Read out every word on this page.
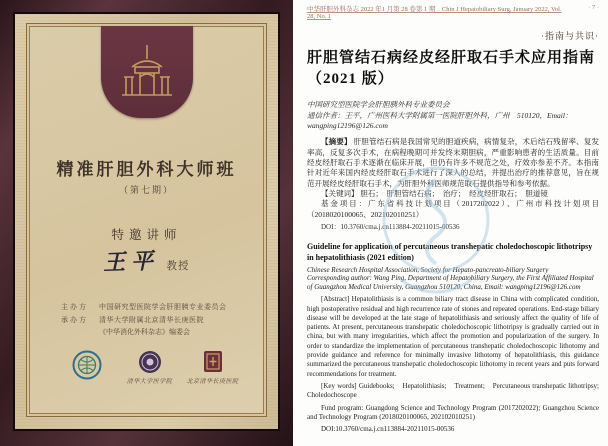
精准肝胆外科大师班
（第七期）
特邀讲师
王平 教授
主办方	中国研究型医院学会肝胆胰专业委员会
承办方	清华大学附属北京清华长庚医院
《中华消化外科杂志》编委会
清华大学医学院 北京清华长庚医院
中华肝胆外科杂志 2022 年1 月第 28 卷第 1 期　Chin J Hepatobiliary Surg, January 2022, Vol. 28, No. 1
· 7 ·
·指南与共识·
肝胆管结石病经皮经肝取石手术应用指南（2021 版）
中国研究型医院学会肝胆胰外科专业委员会
通信作者：王平，广州医科大学附属第一医院肝胆外科，广州　510120，Email：wangping12196@126.com

【摘要】 肝胆管结石病是我国常见的胆道疾病，病情复杂，术后结石残留率、复发率高，反复多次手术，在病程晚期可并发终末期胆病，严重影响患者的生活质量。目前经皮经肝取石手术逐渐在临床开展，但仍有许多不规范之处，疗效亦参差不齐。本指南针对近年来国内经皮经肝取石手术进行了深入的总结，并提出治疗的推荐意见，旨在规范开展经皮经肝取石手术，为肝胆外科医师规范取石提供指导和参考依据。

【关键词】 胆石；　肝胆管结石病；　治疗；　经皮经肝取石；　胆道镜

基金项目：广东省科技计划项目（2017202022）、广州市科技计划项目（2018020100065、202102010251）

DOI：10.3760/cma.j.cn113884-20211015-00536
Guideline for application of percutaneous transhepatic choledochoscopic lithotripsy in hepatolithiasis (2021 edition)
Chinese Research Hospital Association, Society for Hepato-pancreato-biliary Surgery
Corresponding author: Wang Ping, Department of Hepatobiliary Surgery, the First Affiliated Hospital of Guangzhou Medical University, Guangzhou 510120, China, Email: wangping12196@126.com

[Abstract] Hepatolithiasis is a common biliary tract disease in China with complicated condition, high postoperative residual and high recurrence rate of stones and repeated operations. End-stage biliary disease will be developed at the late stage of hepatolithiasis and seriously affect the quality of life of patients. At present, percutaneous transhepatic choledochoscopic lithotripsy is gradually carried out in china, but with many irregularities, which affect the promotion and popularization of the surgery. In order to standardize the implementation of percutaneous transhepatic choledochoscopic lithotomy and provide guidance and reference for minimally invasive lithotomy of hepatolithiasis, this guidance summarized the percutaneous transhepatic choledochoscopic lithotomy in recent years and puts forward recommendations for treatment.

[Key words] Guidebooks;　Hepatolithiasis;　Treatment;　Percutaneous transhepatic lithotripsy; Choledochoscope

Fund program: Guangdong Science and Technology Program (2017202022); Guangzhou Science and Technology Program (2018020100065, 202102010251)

DOI:10.3760/cma.j.cn113884-20211015-00536
